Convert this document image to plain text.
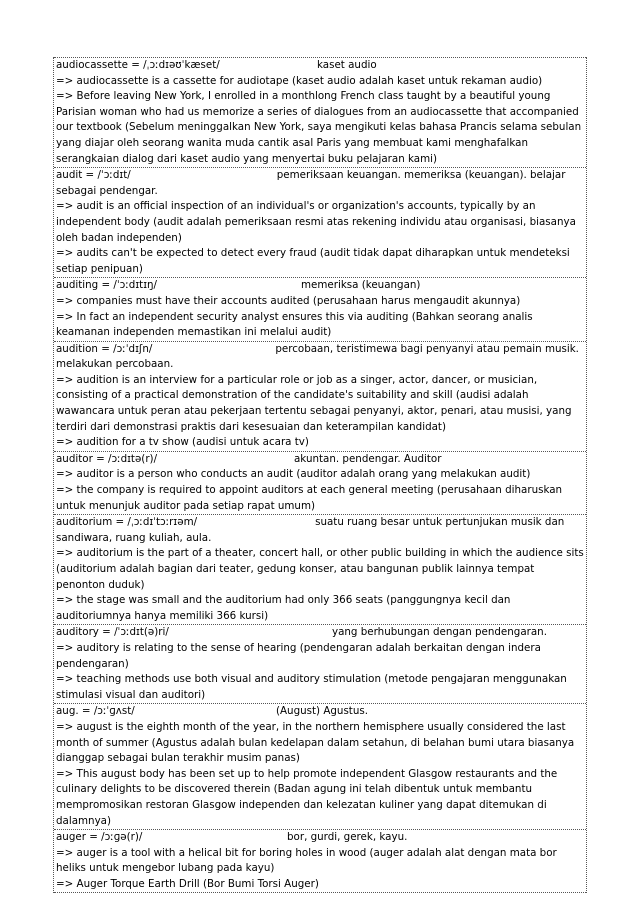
audiocassette = /ˌɔːdɪəʊˈkæset/	kaset audio
=> audiocassette is a cassette for audiotape (kaset audio adalah kaset untuk rekaman audio)
=> Before leaving New York, I enrolled in a monthlong French class taught by a beautiful young Parisian woman who had us memorize a series of dialogues from an audiocassette that accompanied our textbook (Sebelum meninggalkan New York, saya mengikuti kelas bahasa Prancis selama sebulan yang diajar oleh seorang wanita muda cantik asal Paris yang membuat kami menghafalkan serangkaian dialog dari kaset audio yang menyertai buku pelajaran kami)
audit = /ˈɔːdɪt/	pemeriksaan keuangan. memeriksa (keuangan). belajar sebagai pendengar.
=> audit is an official inspection of an individual's or organization's accounts, typically by an independent body (audit adalah pemeriksaan resmi atas rekening individu atau organisasi, biasanya oleh badan independen)
=> audits can't be expected to detect every fraud (audit tidak dapat diharapkan untuk mendeteksi setiap penipuan)
auditing = /ˈɔːdɪtɪŋ/	memeriksa (keuangan)
=> companies must have their accounts audited (perusahaan harus mengaudit akunnya)
=> In fact an independent security analyst ensures this via auditing (Bahkan seorang analis keamanan independen memastikan ini melalui audit)
audition = /ɔːˈdɪʃn/	percobaan, teristimewa bagi penyanyi atau pemain musik. melakukan percobaan.
=> audition is an interview for a particular role or job as a singer, actor, dancer, or musician, consisting of a practical demonstration of the candidate's suitability and skill (audisi adalah wawancara untuk peran atau pekerjaan tertentu sebagai penyanyi, aktor, penari, atau musisi, yang terdiri dari demonstrasi praktis dari kesesuaian dan keterampilan kandidat)
=> audition for a tv show (audisi untuk acara tv)
auditor = /ɔːdɪtə(r)/	akuntan. pendengar. Auditor
=> auditor is a person who conducts an audit (auditor adalah orang yang melakukan audit)
=> the company is required to appoint auditors at each general meeting (perusahaan diharuskan untuk menunjuk auditor pada setiap rapat umum)
auditorium = /ˌɔːdɪˈtɔːrɪəm/	suatu ruang besar untuk pertunjukan musik dan sandiwara, ruang kuliah, aula.
=> auditorium is the part of a theater, concert hall, or other public building in which the audience sits (auditorium adalah bagian dari teater, gedung konser, atau bangunan publik lainnya tempat penonton duduk)
=> the stage was small and the auditorium had only 366 seats (panggungnya kecil dan auditoriumnya hanya memiliki 366 kursi)
auditory = /ˈɔːdɪt(ə)ri/	yang berhubungan dengan pendengaran.
=> auditory is relating to the sense of hearing (pendengaran adalah berkaitan dengan indera pendengaran)
=> teaching methods use both visual and auditory stimulation (metode pengajaran menggunakan stimulasi visual dan auditori)
aug. = /ɔːˈɡʌst/	(August) Agustus.
=> august is the eighth month of the year, in the northern hemisphere usually considered the last month of summer (Agustus adalah bulan kedelapan dalam setahun, di belahan bumi utara biasanya dianggap sebagai bulan terakhir musim panas)
=> This august body has been set up to help promote independent Glasgow restaurants and the culinary delights to be discovered therein (Badan agung ini telah dibentuk untuk membantu mempromosikan restoran Glasgow independen dan kelezatan kuliner yang dapat ditemukan di dalamnya)
auger = /ɔːɡə(r)/	bor, gurdi, gerek, kayu.
=> auger is a tool with a helical bit for boring holes in wood (auger adalah alat dengan mata bor heliks untuk mengebor lubang pada kayu)
=> Auger Torque Earth Drill (Bor Bumi Torsi Auger)
